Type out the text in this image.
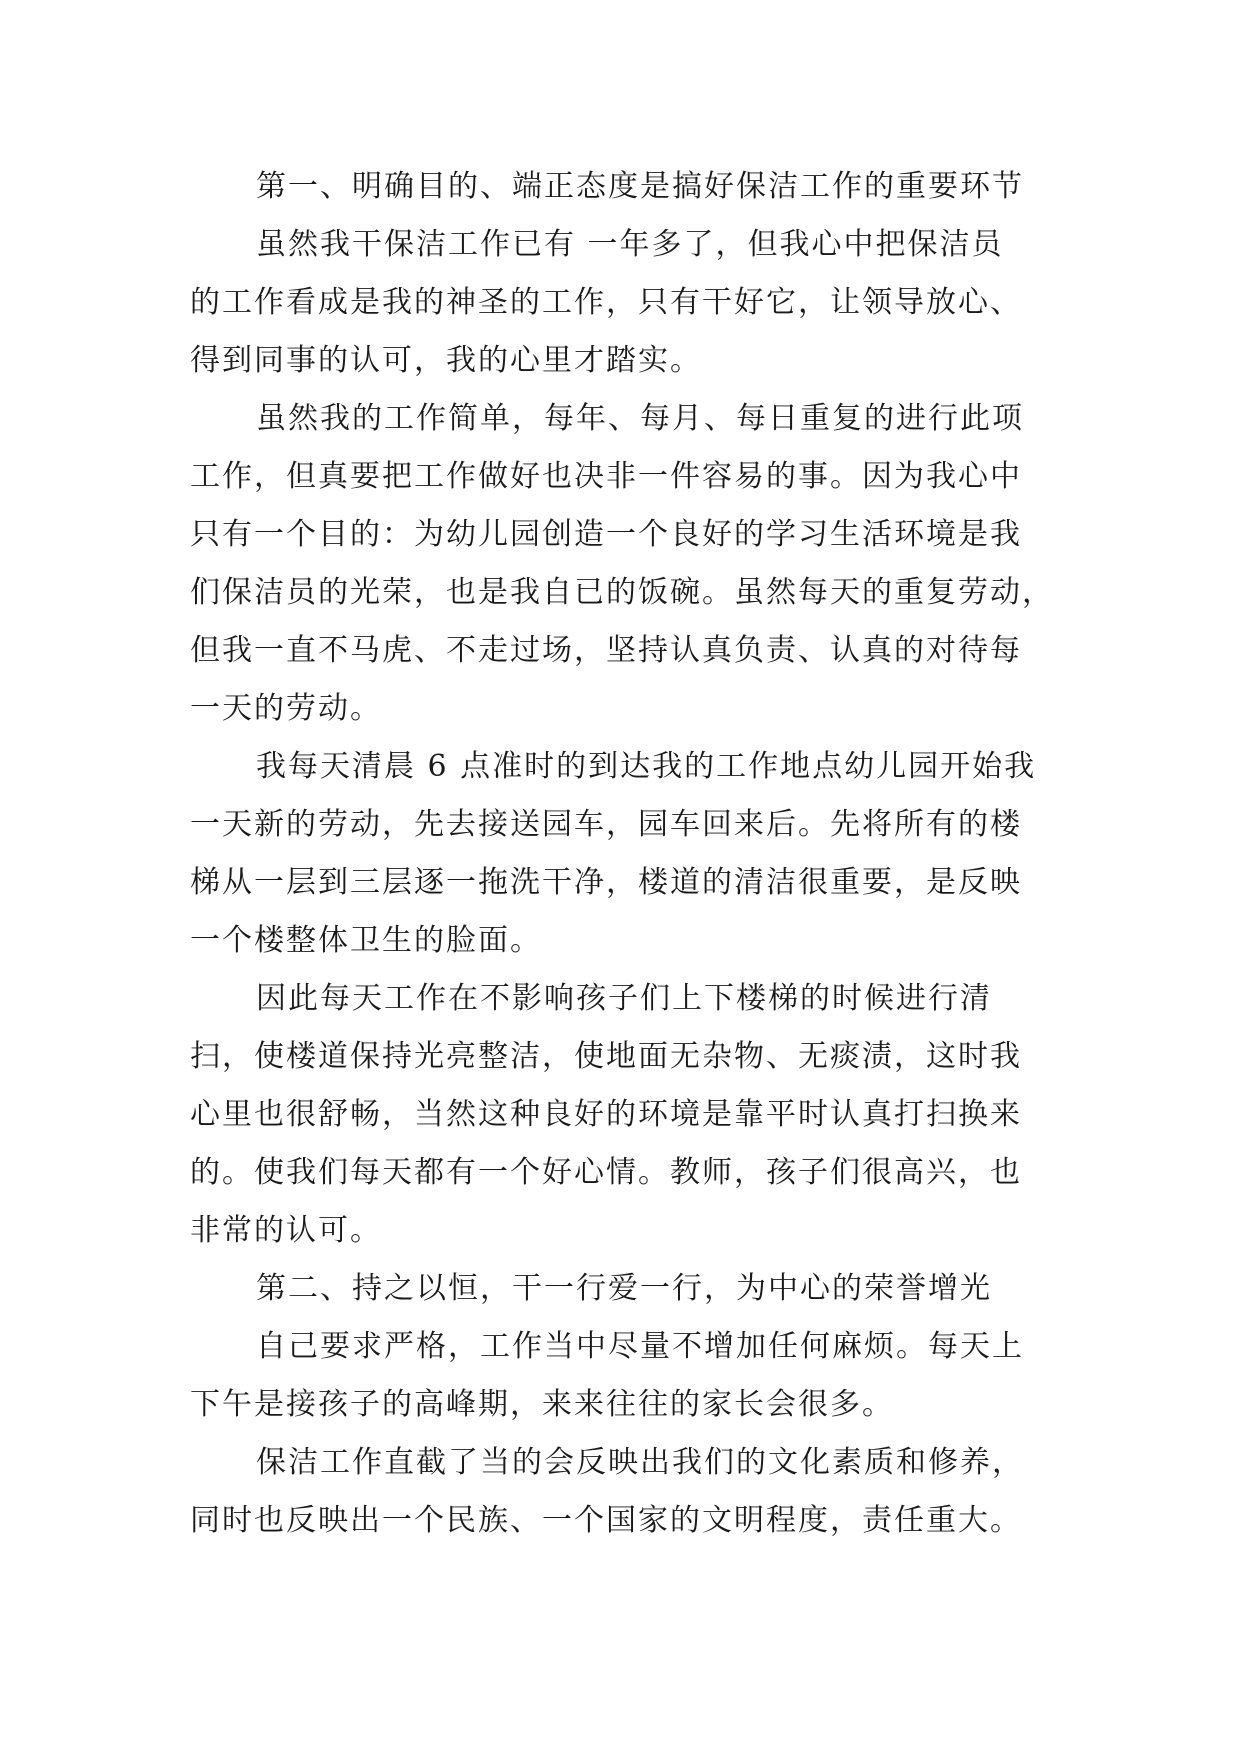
第一、明确目的、端正态度是搞好保洁工作的重要环节
虽然我干保洁工作已有 一年多了，但我心中把保洁员
的工作看成是我的神圣的工作，只有干好它，让领导放心、
得到同事的认可，我的心里才踏实。
虽然我的工作简单，每年、每月、每日重复的进行此项
工作，但真要把工作做好也决非一件容易的事。因为我心中
只有一个目的：为幼儿园创造一个良好的学习生活环境是我
们保洁员的光荣，也是我自已的饭碗。虽然每天的重复劳动，
但我一直不马虎、不走过场，坚持认真负责、认真的对待每
一天的劳动。
我每天清晨 6 点准时的到达我的工作地点幼儿园开始我
一天新的劳动，先去接送园车，园车回来后。先将所有的楼
梯从一层到三层逐一拖洗干净，楼道的清洁很重要，是反映
一个楼整体卫生的脸面。
因此每天工作在不影响孩子们上下楼梯的时候进行清
扫，使楼道保持光亮整洁，使地面无杂物、无痰渍，这时我
心里也很舒畅，当然这种良好的环境是靠平时认真打扫换来
的。使我们每天都有一个好心情。教师，孩子们很高兴，也
非常的认可。
第二、持之以恒，干一行爱一行，为中心的荣誉增光
自己要求严格，工作当中尽量不增加任何麻烦。每天上
下午是接孩子的高峰期，来来往往的家长会很多。
保洁工作直截了当的会反映出我们的文化素质和修养，
同时也反映出一个民族、一个国家的文明程度，责任重大。
